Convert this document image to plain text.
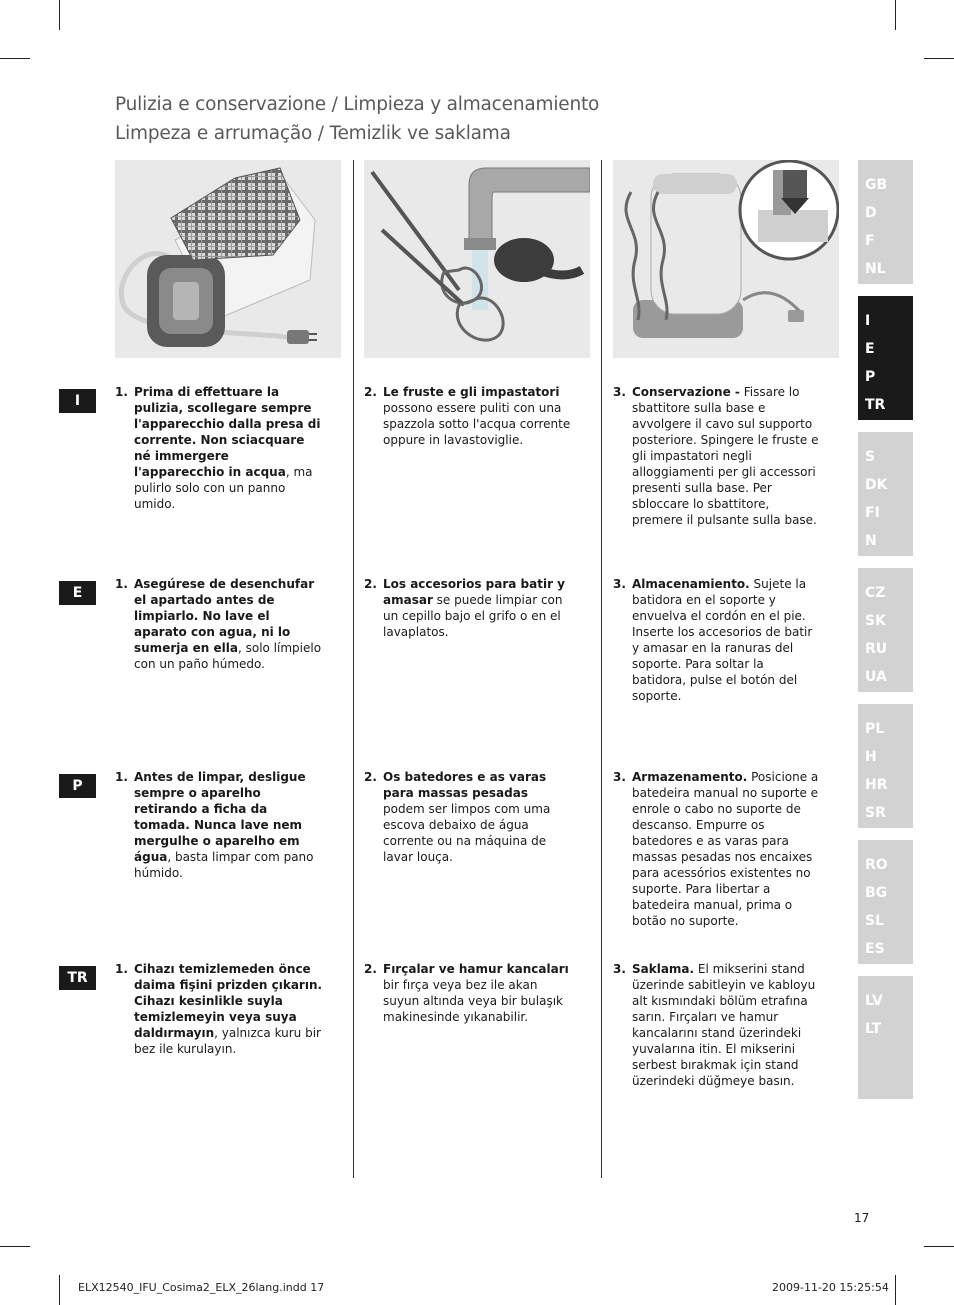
Pulizia e conservazione / Limpieza y almacenamiento
Limpeza e arrumação / Temizlik ve saklama
I
E
P
TR
1. Prima di effettuare la pulizia, scollegare sempre l'apparecchio dalla presa di corrente. Non sciacquare né immergere l'apparecchio in acqua, ma pulirlo solo con un panno umido.
2. Le fruste e gli impastatori possono essere puliti con una spazzola sotto l'acqua corrente oppure in lavastoviglie.
3. Conservazione - Fissare lo sbattitore sulla base e avvolgere il cavo sul supporto posteriore. Spingere le fruste e gli impastatori negli alloggiamenti per gli accessori presenti sulla base. Per sbloccare lo sbattitore, premere il pulsante sulla base.
1. Asegúrese de desenchufar el apartado antes de limpiarlo. No lave el aparato con agua, ni lo sumerja en ella, solo límpielo con un paño húmedo.
2. Los accesorios para batir y amasar se puede limpiar con un cepillo bajo el grifo o en el lavaplatos.
3. Almacenamiento. Sujete la batidora en el soporte y envuelva el cordón en el pie. Inserte los accesorios de batir y amasar en la ranuras del soporte. Para soltar la batidora, pulse el botón del soporte.
1. Antes de limpar, desligue sempre o aparelho retirando a ficha da tomada. Nunca lave nem mergulhe o aparelho em água, basta limpar com pano húmido.
2. Os batedores e as varas para massas pesadas podem ser limpos com uma escova debaixo de água corrente ou na máquina de lavar louça.
3. Armazenamento. Posicione a batedeira manual no suporte e enrole o cabo no suporte de descanso. Empurre os batedores e as varas para massas pesadas nos encaixes para acessórios existentes no suporte. Para libertar a batedeira manual, prima o botão no suporte.
1. Cihazı temizlemeden önce daima fişini prizden çıkarın. Cihazı kesinlikle suyla temizlemeyin veya suya daldırmayın, yalnızca kuru bir bez ile kurulayın.
2. Fırçalar ve hamur kancaları bir fırça veya bez ile akan suyun altında veya bir bulaşık makinesinde yıkanabilir.
3. Saklama. El mikserini stand üzerinde sabitleyin ve kabloyu alt kısmındaki bölüm etrafına sarın. Fırçaları ve hamur kancalarını stand üzerindeki yuvalarına itin. El mikserini serbest bırakmak için stand üzerindeki düğmeye basın.
GB
D
F
NL
I
E
P
TR
S
DK
FI
N
CZ
SK
RU
UA
PL
H
HR
SR
RO
BG
SL
ES
LV
LT
17
ELX12540_IFU_Cosima2_ELX_26lang.indd 17	2009-11-20 15:25:54
